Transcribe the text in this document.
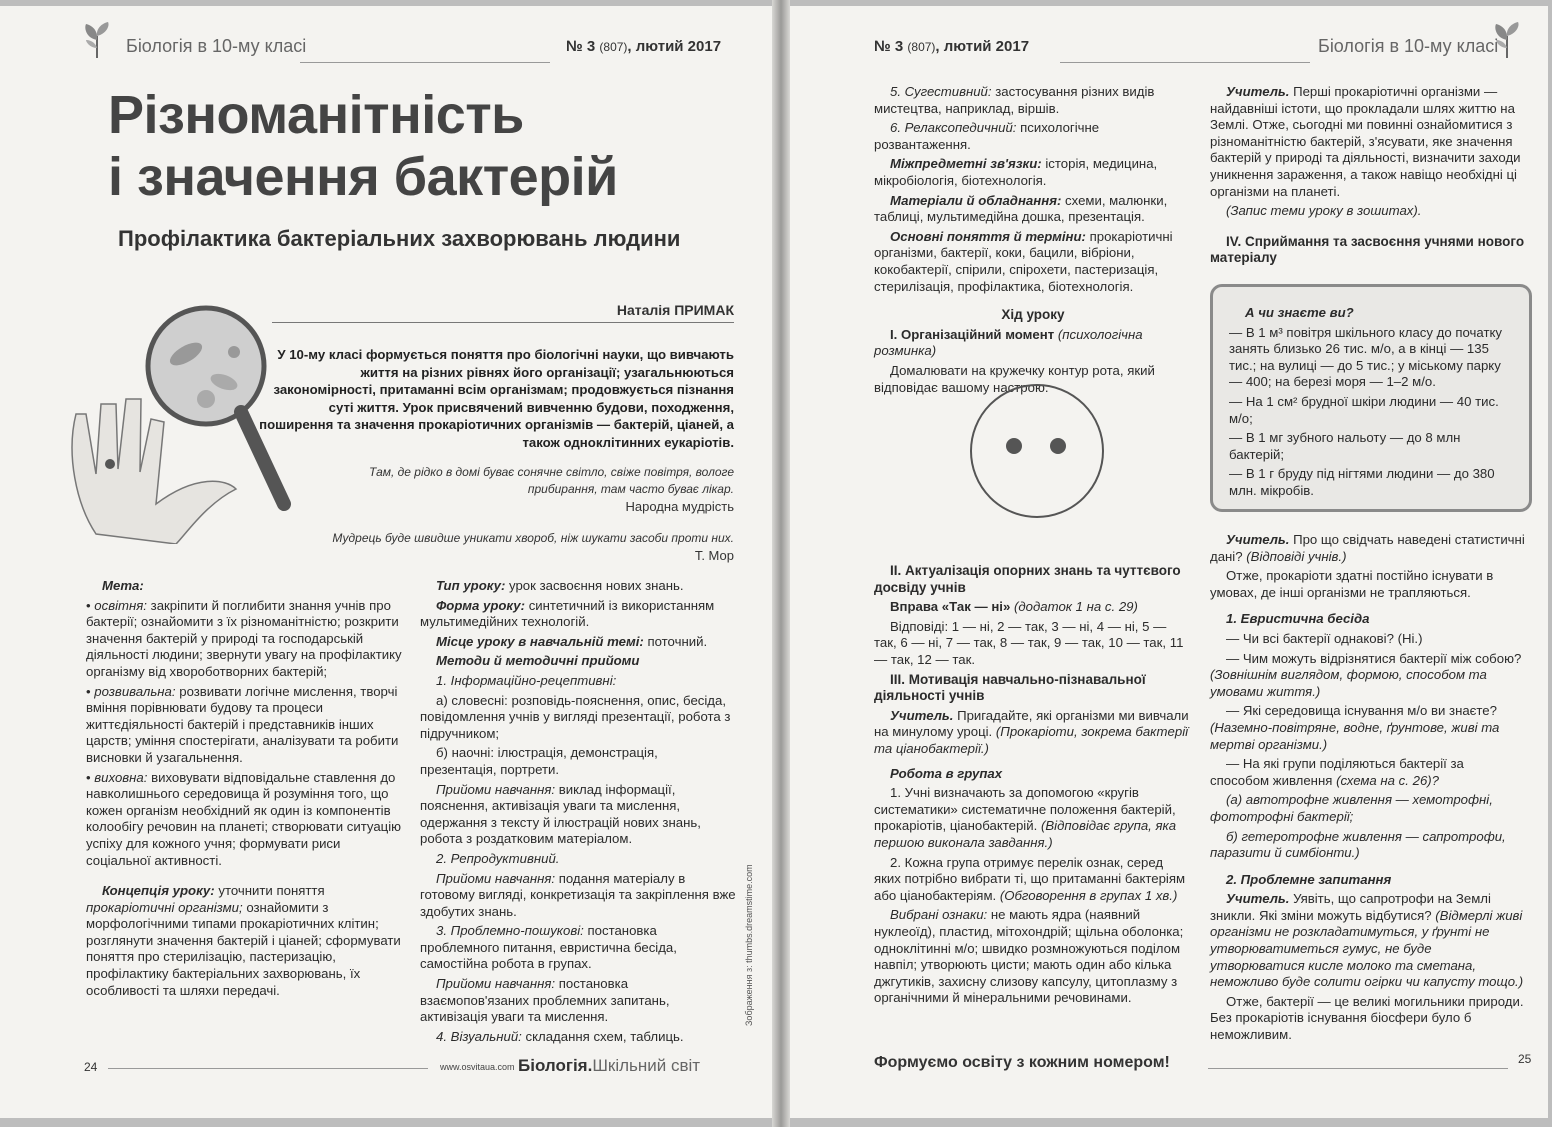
Біологія в 10-му класі	№ 3 (807), лютий 2017
Різноманітність
і значення бактерій
Профілактика бактеріальних захворювань людини
Наталія ПРИМАК
У 10-му класі формується поняття про біологічні науки, що вивчають життя на різних рівнях його організації; узагальнюються закономірності, притаманні всім організмам; продовжується пізнання суті життя. Урок присвячений вивченню будови, походження, поширення та значення прокаріотичних організмів — бактерій, ціаней, а також одноклітинних еукаріотів.
Там, де рідко в домі буває сонячне світло, свіже повітря, вологе прибирання, там часто буває лікар.
Народна мудрість
Мудрець буде швидше уникати хвороб, ніж шукати засоби проти них.
Т. Мор

Мета:

• освітня: закріпити й поглибити знання учнів про бактерії; ознайомити з їх різноманітністю; розкрити значення бактерій у природі та господарській діяльності людини; звернути увагу на профілактику організму від хвороботворних бактерій;

• розвивальна: розвивати логічне мислення, творчі вміння порівнювати будову та процеси життєдіяльності бактерій і представників інших царств; уміння спостерігати, аналізувати та робити висновки й узагальнення.

• виховна: виховувати відповідальне ставлення до навколишнього середовища й розуміння того, що кожен організм необхідний як один із компонентів колообігу речовин на планеті; створювати ситуацію успіху для кожного учня; формувати риси соціальної активності.

Концепція уроку: уточнити поняття прокаріотичні організми; ознайомити з морфологічними типами прокаріотичних клітин; розглянути значення бактерій і ціаней; сформувати поняття про стерилізацію, пастеризацію, профілактику бактеріальних захворювань, їх особливості та шляхи передачі.

Тип уроку: урок засвоєння нових знань.

Форма уроку: синтетичний із використанням мультимедійних технологій.

Місце уроку в навчальній темі: поточний.

Методи й методичні прийоми

1. Інформаційно-рецептивні:

а) словесні: розповідь-пояснення, опис, бесіда, повідомлення учнів у вигляді презентації, робота з підручником;

б) наочні: ілюстрація, демонстрація, презентація, портрети.

Прийоми навчання: виклад інформації, пояснення, активізація уваги та мислення, одержання з тексту й ілюстрацій нових знань, робота з роздатковим матеріалом.

2. Репродуктивний.

Прийоми навчання: подання матеріалу в готовому вигляді, конкретизація та закріплення вже здобутих знань.

3. Проблемно-пошукові: постановка проблемного питання, евристична бесіда, самостійна робота в групах.

Прийоми навчання: постановка взаємопов'язаних проблемних запитань, активізація уваги та мислення.

4. Візуальний: складання схем, таблиць.

Зображення з: thumbs.dreamstime.com
24	www.osvitaua.com Біологія.Шкільний світ
№ 3 (807), лютий 2017	Біологія в 10-му класі

5. Сугестивний: застосування різних видів мистецтва, наприклад, віршів.

6. Релаксопедичний: психологічне розвантаження.

Міжпредметні зв'язки: історія, медицина, мікробіологія, біотехнологія.

Матеріали й обладнання: схеми, малюнки, таблиці, мультимедійна дошка, презентація.

Основні поняття й терміни: прокаріотичні організми, бактерії, коки, бацили, вібріони, кокобактерії, спірили, спірохети, пастеризація, стерилізація, профілактика, біотехнологія.

Хід уроку

I. Організаційний момент (психологічна розминка)

Домалювати на кружечку контур рота, який відповідає вашому настрою.

II. Актуалізація опорних знань та чуттєвого досвіду учнів

Вправа «Так — ні» (додаток 1 на с. 29)

Відповіді: 1 — ні, 2 — так, 3 — ні, 4 — ні, 5 — так, 6 — ні, 7 — так, 8 — так, 9 — так, 10 — так, 11 — так, 12 — так.

III. Мотивація навчально-пізнавальної діяльності учнів

Учитель. Пригадайте, які організми ми вивчали на минулому уроці. (Прокаріоти, зокрема бактерії та ціанобактерії.)

Робота в групах

1. Учні визначають за допомогою «кругів систематики» систематичне положення бактерій, прокаріотів, ціанобактерій. (Відповідає група, яка першою виконала завдання.)

2. Кожна група отримує перелік ознак, серед яких потрібно вибрати ті, що притаманні бактеріям або ціанобактеріям. (Обговорення в групах 1 хв.)

Вибрані ознаки: не мають ядра (наявний нуклеоїд), пластид, мітохондрій; щільна оболонка; одноклітинні м/о; швидко розмножуються поділом навпіл; утворюють цисти; мають один або кілька джгутиків, захисну слизову капсулу, цитоплазму з органічними й мінеральними речовинами.

Учитель. Перші прокаріотичні організми — найдавніші істоти, що прокладали шлях життю на Землі. Отже, сьогодні ми повинні ознайомитися з різноманітністю бактерій, з'ясувати, яке значення бактерій у природі та діяльності, визначити заходи уникнення зараження, а також навіщо необхідні ці організми на планеті.

(Запис теми уроку в зошитах).

IV. Сприймання та засвоєння учнями нового матеріалу

А чи знаєте ви?

— В 1 м³ повітря шкільного класу до початку занять близько 26 тис. м/о, а в кінці — 135 тис.; на вулиці — до 5 тис.; у міському парку — 400; на березі моря — 1–2 м/о.

— На 1 см² брудної шкіри людини — 40 тис. м/о;

— В 1 мг зубного нальоту — до 8 млн бактерій;

— В 1 г бруду під нігтями людини — до 380 млн. мікробів.

Учитель. Про що свідчать наведені статистичні дані? (Відповіді учнів.)

Отже, прокаріоти здатні постійно існувати в умовах, де інші організми не трапляються.

1. Евристична бесіда

— Чи всі бактерії однакові? (Ні.)

— Чим можуть відрізнятися бактерії між собою? (Зовнішнім виглядом, формою, способом та умовами життя.)

— Які середовища існування м/о ви знаєте? (Наземно-повітряне, водне, ґрунтове, живі та мертві організми.)

— На які групи поділяються бактерії за способом живлення (схема на с. 26)?

(а) автотрофне живлення — хемотрофні, фототрофні бактерії;

б) гетеротрофне живлення — сапротрофи, паразити й симбіонти.)

2. Проблемне запитання

Учитель. Уявіть, що сапротрофи на Землі зникли. Які зміни можуть відбутися? (Відмерлі живі організми не розкладатимуться, у ґрунті не утворюватиметься гумус, не буде утворюватися кисле молоко та сметана, неможливо буде солити огірки чи капусту тощо.)

Отже, бактерії — це великі могильники природи. Без прокаріотів існування біосфери було б неможливим.

Формуємо освіту з кожним номером!	25
